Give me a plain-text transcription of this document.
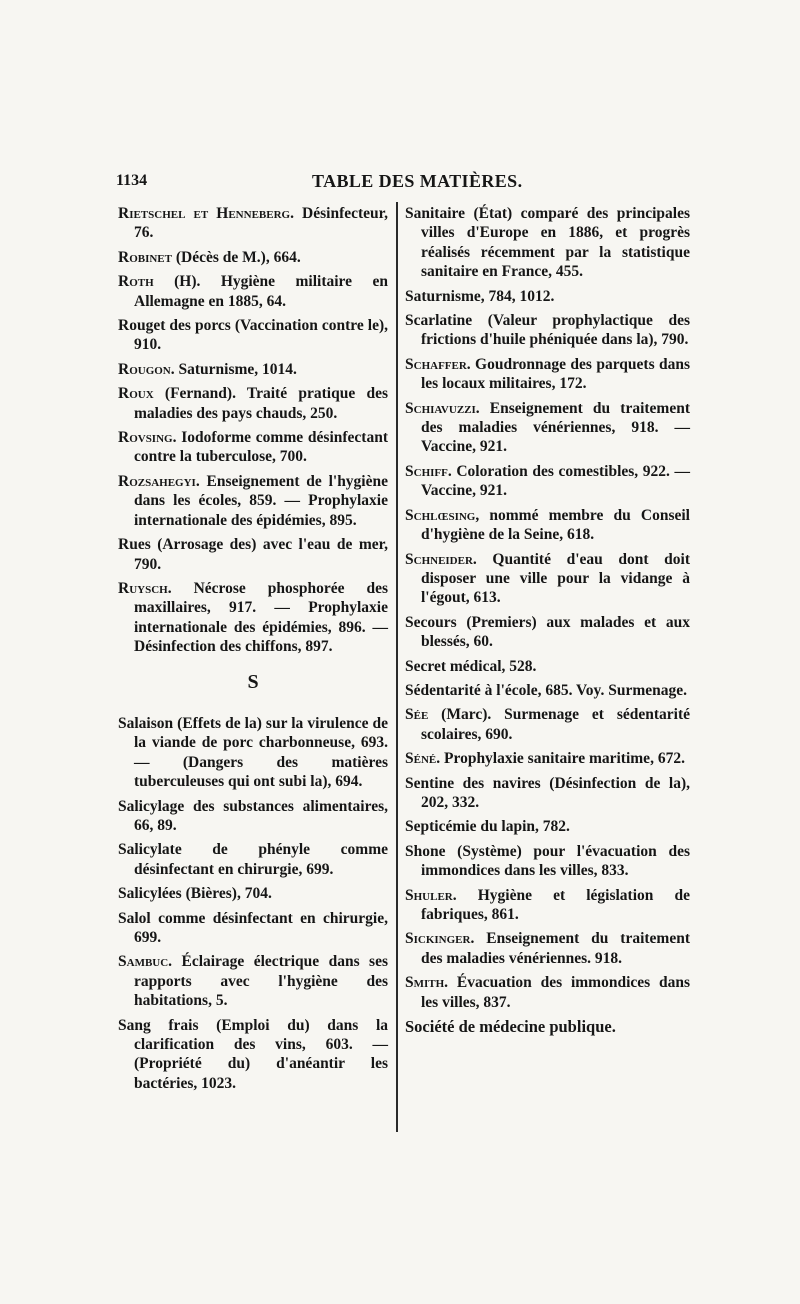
1134	TABLE DES MATIÈRES.
Rietschel et Henneberg. Désinfecteur, 76.
Robinet (Décès de M.), 664.
Roth (H). Hygiène militaire en Allemagne en 1885, 64.
Rouget des porcs (Vaccination contre le), 910.
Rougon. Saturnisme, 1014.
Roux (Fernand). Traité pratique des maladies des pays chauds, 250.
Rovsing. Iodoforme comme désinfectant contre la tuberculose, 700.
Rozsahegyi. Enseignement de l'hygiène dans les écoles, 859. — Prophylaxie internationale des épidémies, 895.
Rues (Arrosage des) avec l'eau de mer, 790.
Ruysch. Nécrose phosphorée des maxillaires, 917. — Prophylaxie internationale des épidémies, 896. — Désinfection des chiffons, 897.
S
Salaison (Effets de la) sur la virulence de la viande de porc charbonneuse, 693. — (Dangers des matières tuberculeuses qui ont subi la), 694.
Salicylage des substances alimentaires, 66, 89.
Salicylate de phényle comme désinfectant en chirurgie, 699.
Salicylées (Bières), 704.
Salol comme désinfectant en chirurgie, 699.
Sambuc. Éclairage électrique dans ses rapports avec l'hygiène des habitations, 5.
Sang frais (Emploi du) dans la clarification des vins, 603. — (Propriété du) d'anéantir les bactéries, 1023.
Sanitaire (État) comparé des principales villes d'Europe en 1886, et progrès réalisés récemment par la statistique sanitaire en France, 455.
Saturnisme, 784, 1012.
Scarlatine (Valeur prophylactique des frictions d'huile phéniquée dans la), 790.
Schaffer. Goudronnage des parquets dans les locaux militaires, 172.
Schiavuzzi. Enseignement du traitement des maladies vénériennes, 918. — Vaccine, 921.
Schiff. Coloration des comestibles, 922. — Vaccine, 921.
Schlœsing, nommé membre du Conseil d'hygiène de la Seine, 618.
Schneider. Quantité d'eau dont doit disposer une ville pour la vidange à l'égout, 613.
Secours (Premiers) aux malades et aux blessés, 60.
Secret médical, 528.
Sédentarité à l'école, 685. Voy. Surmenage.
Sée (Marc). Surmenage et sédentarité scolaires, 690.
Séné. Prophylaxie sanitaire maritime, 672.
Sentine des navires (Désinfection de la), 202, 332.
Septicémie du lapin, 782.
Shone (Système) pour l'évacuation des immondices dans les villes, 833.
Shuler. Hygiène et législation de fabriques, 861.
Sickinger. Enseignement du traitement des maladies vénériennes. 918.
Smith. Évacuation des immondices dans les villes, 837.
Société de médecine publique.
